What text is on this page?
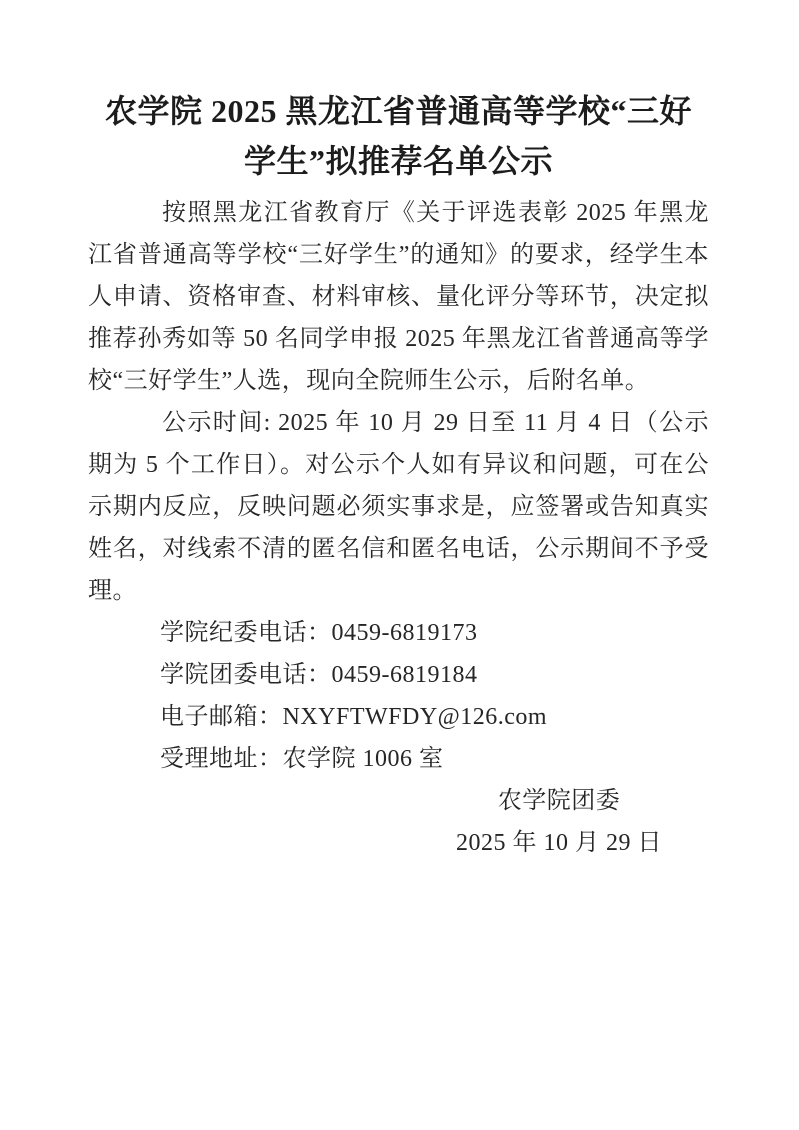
农学院 2025 黑龙江省普通高等学校“三好
学生”拟推荐名单公示

按照黑龙江省教育厅《关于评选表彰 2025 年黑龙江省普通高等学校“三好学生”的通知》的要求，经学生本人申请、资格审查、材料审核、量化评分等环节，决定拟推荐孙秀如等 50 名同学申报 2025 年黑龙江省普通高等学校“三好学生”人选，现向全院师生公示，后附名单。

公示时间: 2025 年 10 月 29 日至 11 月 4 日（公示期为 5 个工作日）。对公示个人如有异议和问题，可在公示期内反应，反映问题必须实事求是，应签署或告知真实姓名，对线索不清的匿名信和匿名电话，公示期间不予受理。

学院纪委电话：0459-6819173

学院团委电话：0459-6819184

电子邮箱：NXYFTWFDY@126.com

受理地址：农学院 1006 室

农学院团委
2025 年 10 月 29 日
